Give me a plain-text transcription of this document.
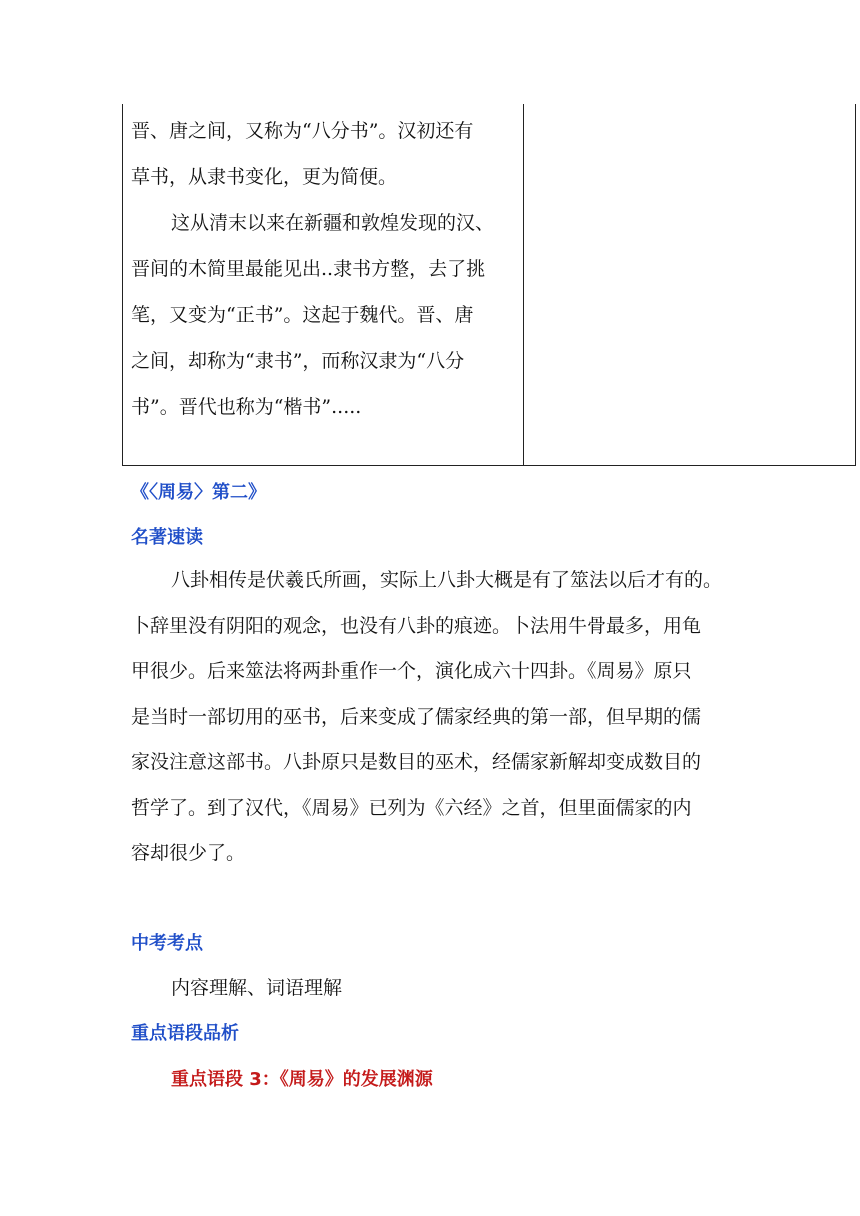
晋、唐之间，又称为“八分书”。汉初还有
草书，从隶书变化，更为简便。
这从清末以来在新疆和敦煌发现的汉、
晋间的木简里最能见出..隶书方整，去了挑
笔，又变为“正书”。这起于魏代。晋、唐
之间，却称为“隶书”，而称汉隶为“八分
书”。晋代也称为“楷书”.....
《〈周易〉第二》
名著速读
八卦相传是伏羲氏所画，实际上八卦大概是有了筮法以后才有的。
卜辞里没有阴阳的观念，也没有八卦的痕迹。卜法用牛骨最多，用龟
甲很少。后来筮法将两卦重作一个，演化成六十四卦。《周易》原只
是当时一部切用的巫书，后来变成了儒家经典的第一部，但早期的儒
家没注意这部书。八卦原只是数目的巫术，经儒家新解却变成数目的
哲学了。到了汉代，《周易》已列为《六经》之首，但里面儒家的内
容却很少了。
中考考点
内容理解、词语理解
重点语段品析
重点语段 3：《周易》的发展渊源
